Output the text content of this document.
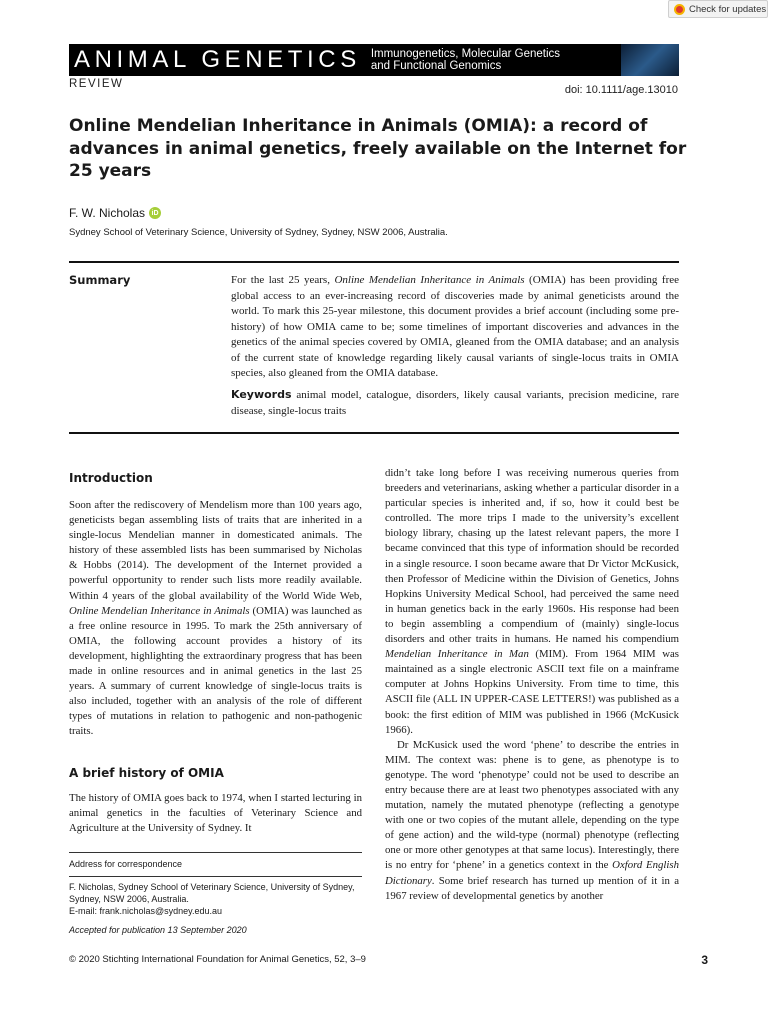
Check for updates
ANIMAL GENETICS Immunogenetics, Molecular Genetics
and Functional Genomics
REVIEW	doi: 10.1111/age.13010
Online Mendelian Inheritance in Animals (OMIA): a record of advances in animal genetics, freely available on the Internet for 25 years
F. W. Nicholas iD
Sydney School of Veterinary Science, University of Sydney, Sydney, NSW 2006, Australia.
Summary	For the last 25 years, Online Mendelian Inheritance in Animals (OMIA) has been providing free global access to an ever-increasing record of discoveries made by animal geneticists around the world. To mark this 25-year milestone, this document provides a brief account (including some pre-history) of how OMIA came to be; some timelines of important discoveries and advances in the genetics of the animal species covered by OMIA, gleaned from the OMIA database; and an analysis of the current state of knowledge regarding likely causal variants of single-locus traits in OMIA species, also gleaned from the OMIA database.

Keywords animal model, catalogue, disorders, likely causal variants, precision medicine, rare disease, single-locus traits

Introduction

Soon after the rediscovery of Mendelism more than 100 years ago, geneticists began assembling lists of traits that are inherited in a single-locus Mendelian manner in domesticated animals. The history of these assembled lists has been summarised by Nicholas & Hobbs (2014). The development of the Internet provided a powerful opportunity to render such lists more readily available. Within 4 years of the global availability of the World Wide Web, Online Mendelian Inheritance in Animals (OMIA) was launched as a free online resource in 1995. To mark the 25th anniversary of OMIA, the following account provides a history of its development, highlighting the extraordinary progress that has been made in online resources and in animal genetics in the last 25 years. A summary of current knowledge of single-locus traits is also included, together with an analysis of the role of different types of mutations in relation to pathogenic and non-pathogenic traits.

A brief history of OMIA

The history of OMIA goes back to 1974, when I started lecturing in animal genetics in the faculties of Veterinary Science and Agriculture at the University of Sydney. It

Address for correspondence
F. Nicholas, Sydney School of Veterinary Science, University of Sydney, Sydney, NSW 2006, Australia.
E-mail: frank.nicholas@sydney.edu.au
Accepted for publication 13 September 2020

didn’t take long before I was receiving numerous queries from breeders and veterinarians, asking whether a particular disorder in a particular species is inherited and, if so, how it could best be controlled. The more trips I made to the university’s excellent biology library, chasing up the latest relevant papers, the more I became convinced that this type of information should be recorded in a single resource. I soon became aware that Dr Victor McKusick, then Professor of Medicine within the Division of Genetics, Johns Hopkins University Medical School, had perceived the same need in human genetics back in the early 1960s. His response had been to begin assembling a compendium of (mainly) single-locus disorders and other traits in humans. He named his compendium Mendelian Inheritance in Man (MIM). From 1964 MIM was maintained as a single electronic ASCII text file on a mainframe computer at Johns Hopkins University. From time to time, this ASCII file (ALL IN UPPER-CASE LETTERS!) was published as a book: the first edition of MIM was published in 1966 (McKusick 1966).

Dr McKusick used the word ‘phene’ to describe the entries in MIM. The context was: phene is to gene, as phenotype is to genotype. The word ‘phenotype’ could not be used to describe an entry because there are at least two phenotypes associated with any mutation, namely the mutated phenotype (reflecting a genotype with one or two copies of the mutant allele, depending on the type of gene action) and the wild-type (normal) phenotype (reflecting one or more other genotypes at that same locus). Interestingly, there is no entry for ‘phene’ in a genetics context in the Oxford English Dictionary. Some brief research has turned up mention of it in a 1967 review of developmental genetics by another

© 2020 Stichting International Foundation for Animal Genetics, 52, 3–9	3
